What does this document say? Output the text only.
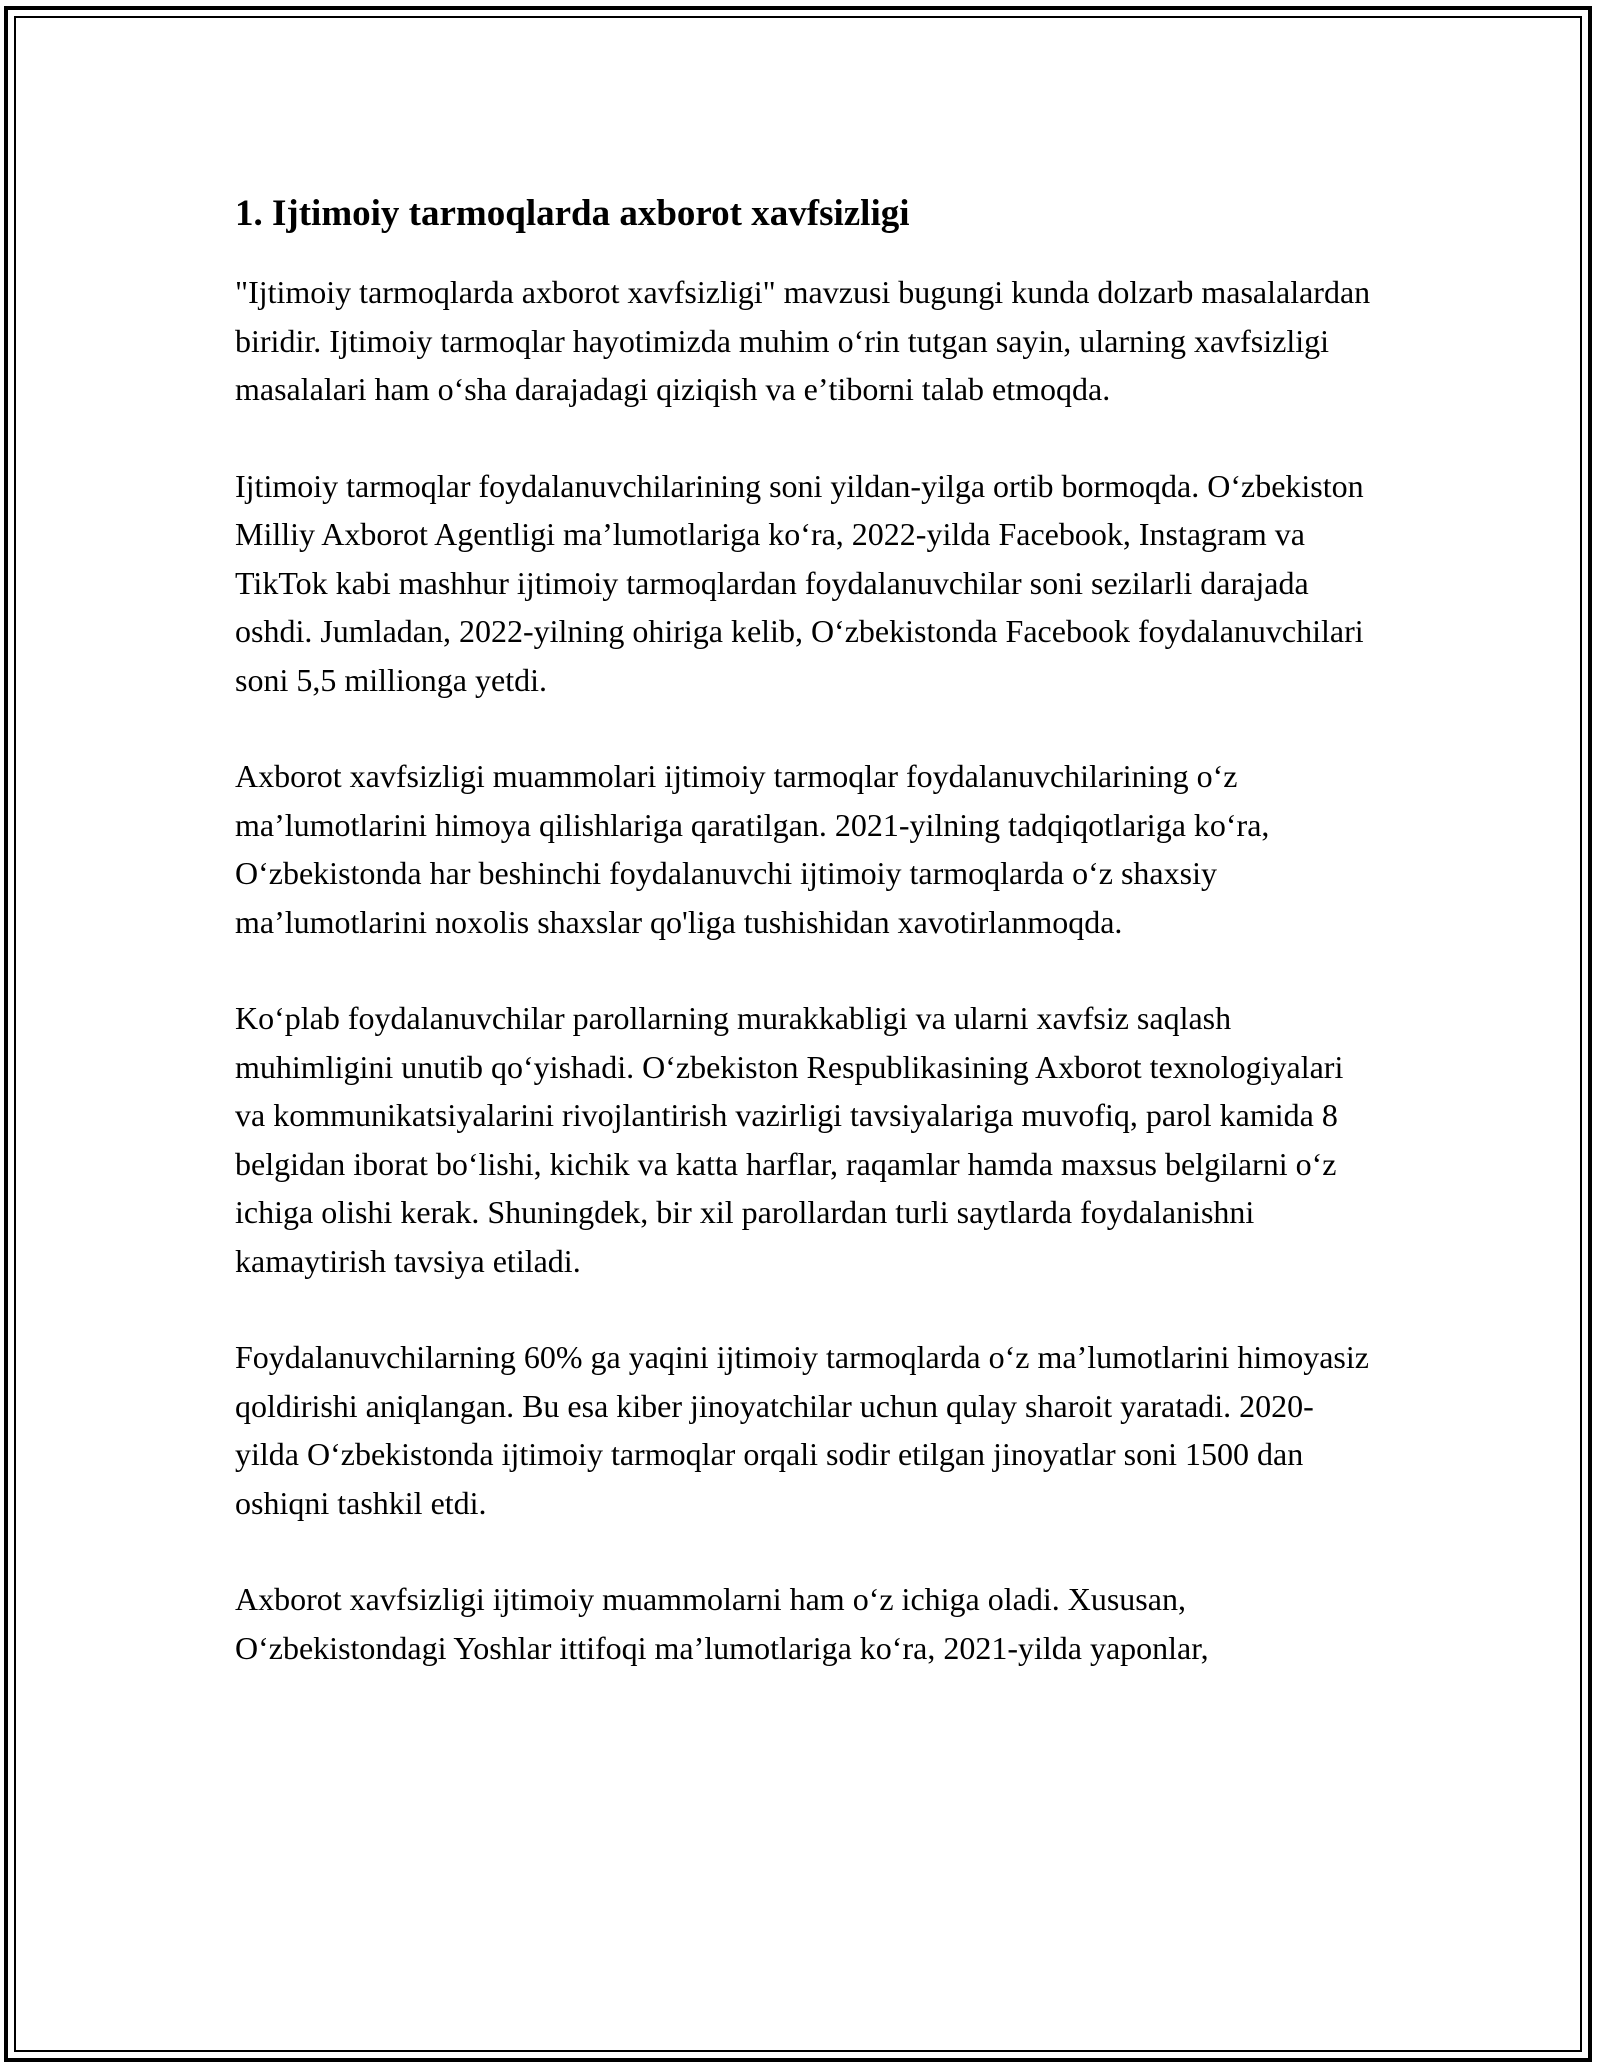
1. Ijtimoiy tarmoqlarda axborot xavfsizligi

"Ijtimoiy tarmoqlarda axborot xavfsizligi" mavzusi bugungi kunda dolzarb masalalardan biridir. Ijtimoiy tarmoqlar hayotimizda muhim oʻrin tutgan sayin, ularning xavfsizligi masalalari ham oʻsha darajadagi qiziqish va eʼtiborni talab etmoqda.

Ijtimoiy tarmoqlar foydalanuvchilarining soni yildan-yilga ortib bormoqda. Oʻzbekiston Milliy Axborot Agentligi maʼlumotlariga koʻra, 2022-yilda Facebook, Instagram va TikTok kabi mashhur ijtimoiy tarmoqlardan foydalanuvchilar soni sezilarli darajada oshdi. Jumladan, 2022-yilning ohiriga kelib, Oʻzbekistonda Facebook foydalanuvchilari soni 5,5 millionga yetdi.

Axborot xavfsizligi muammolari ijtimoiy tarmoqlar foydalanuvchilarining oʻz maʼlumotlarini himoya qilishlariga qaratilgan. 2021-yilning tadqiqotlariga koʻra, Oʻzbekistonda har beshinchi foydalanuvchi ijtimoiy tarmoqlarda oʻz shaxsiy maʼlumotlarini noxolis shaxslar qo'liga tushishidan xavotirlanmoqda.

Koʻplab foydalanuvchilar parollarning murakkabligi va ularni xavfsiz saqlash muhimligini unutib qoʻyishadi. Oʻzbekiston Respublikasining Axborot texnologiyalari va kommunikatsiyalarini rivojlantirish vazirligi tavsiyalariga muvofiq, parol kamida 8 belgidan iborat boʻlishi, kichik va katta harflar, raqamlar hamda maxsus belgilarni oʻz ichiga olishi kerak. Shuningdek, bir xil parollardan turli saytlarda foydalanishni kamaytirish tavsiya etiladi.

Foydalanuvchilarning 60% ga yaqini ijtimoiy tarmoqlarda oʻz maʼlumotlarini himoyasiz qoldirishi aniqlangan. Bu esa kiber jinoyatchilar uchun qulay sharoit yaratadi. 2020-yilda Oʻzbekistonda ijtimoiy tarmoqlar orqali sodir etilgan jinoyatlar soni 1500 dan oshiqni tashkil etdi.

Axborot xavfsizligi ijtimoiy muammolarni ham oʻz ichiga oladi. Xususan, Oʻzbekistondagi Yoshlar ittifoqi maʼlumotlariga koʻra, 2021-yilda yaponlar,
